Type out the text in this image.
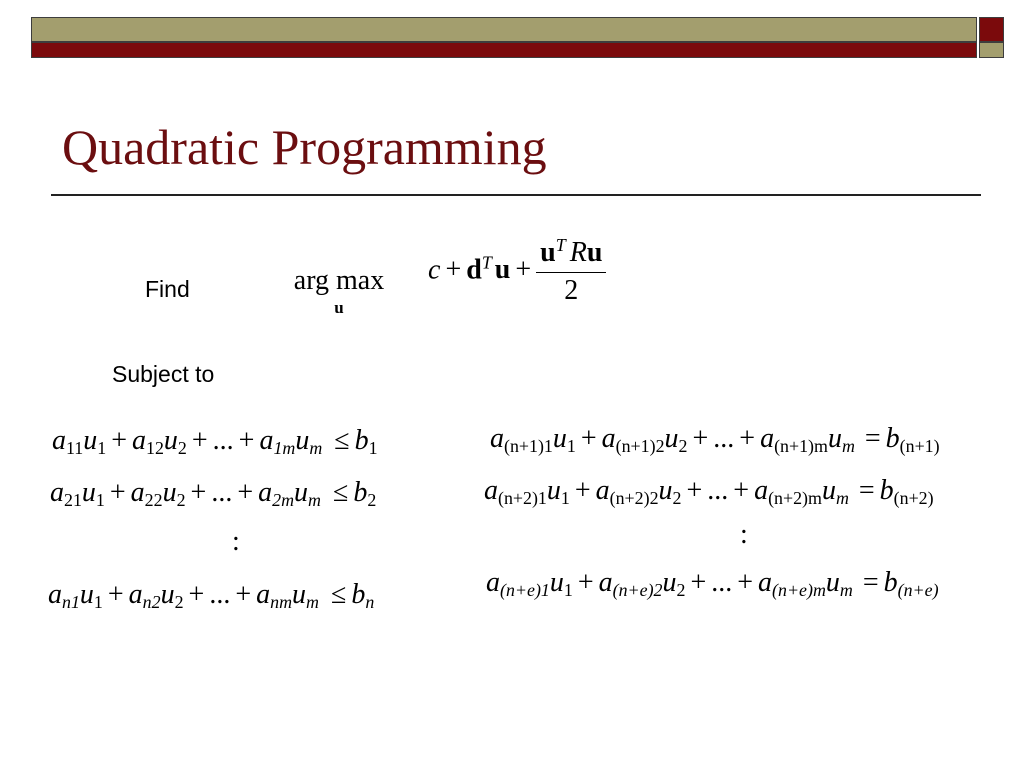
Quadratic Programming
Find	arg max
u
$c + d^T$ $u + \frac{u^T Ru}{2}$
Subject to
$a_{11}u_1 + a_{12}u_2$ + ... + $a_{1m}u_m \le b_1$
$a_{21}u_1 + a_{22}u_2$ + ... + $a_{2m}u_m \le b_2$
:
$a_{n1}u_1 + a_{n2}u_2$ + ... + $a_{nm}u_m \le b_n$
$a_{(n+1)1}u_1 + a_{(n+1)2}u_2$ + ... + $a_{(n+1)m}u_m = b_{(n+1)}$
$a_{(n+2)1}u_1 + a_{(n+2)2}u_2$ + ... + $a_{(n+2)m}u_m = b_{(n+2)}$
:
$a_{(n+e)1}u_1 + a_{(n+e)2}u_2$ + ... + $a_{(n+e)m}u_m = b_{(n+e)}$
